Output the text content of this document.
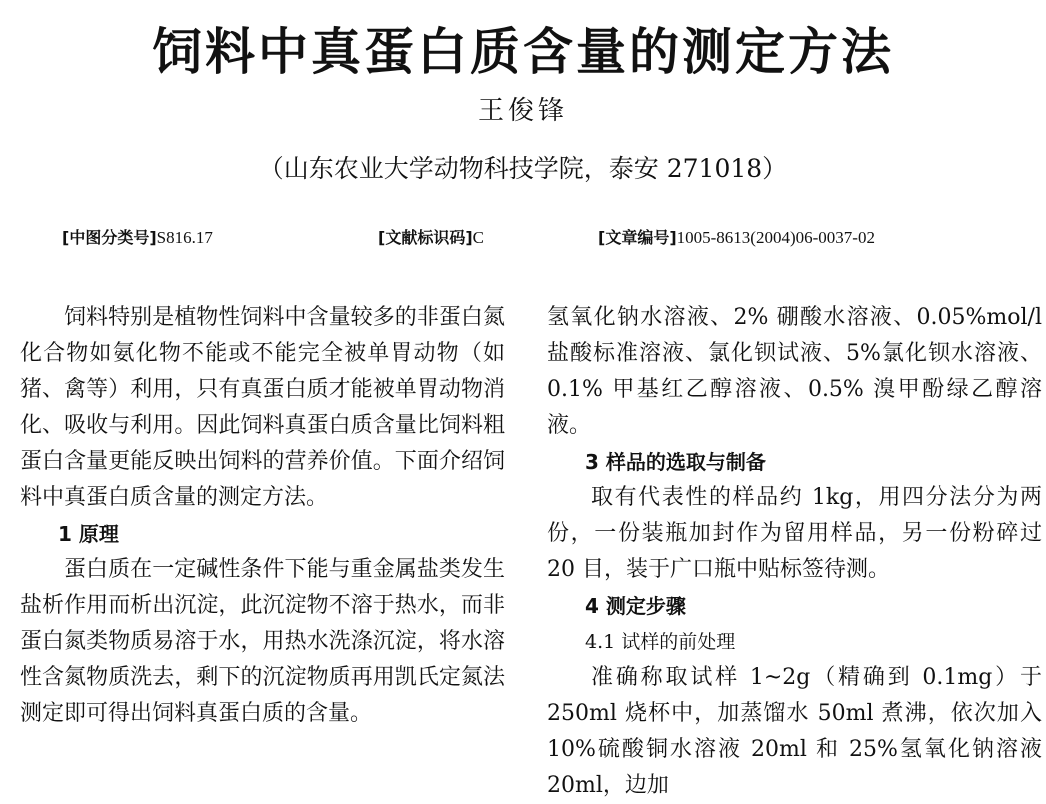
饲料中真蛋白质含量的测定方法
王俊锋
（山东农业大学动物科技学院，泰安 271018）
[中图分类号]S816.17	[文献标识码]C	[文章编号]1005-8613(2004)06-0037-02

饲料特别是植物性饲料中含量较多的非蛋白氮化合物如氨化物不能或不能完全被单胃动物（如猪、禽等）利用，只有真蛋白质才能被单胃动物消化、吸收与利用。因此饲料真蛋白质含量比饲料粗蛋白含量更能反映出饲料的营养价值。下面介绍饲料中真蛋白质含量的测定方法。

1 原理

蛋白质在一定碱性条件下能与重金属盐类发生盐析作用而析出沉淀，此沉淀物不溶于热水，而非蛋白氮类物质易溶于水，用热水洗涤沉淀，将水溶性含氮物质洗去，剩下的沉淀物质再用凯氏定氮法测定即可得出饲料真蛋白质的含量。

氢氧化钠水溶液、2% 硼酸水溶液、0.05%mol/l 盐酸标准溶液、氯化钡试液、5%氯化钡水溶液、0.1% 甲基红乙醇溶液、0.5% 溴甲酚绿乙醇溶液。

3 样品的选取与制备

取有代表性的样品约 1kg，用四分法分为两份，一份装瓶加封作为留用样品，另一份粉碎过 20 目，装于广口瓶中贴标签待测。

4 测定步骤

4.1 试样的前处理

准确称取试样 1~2g（精确到 0.1mg）于 250ml 烧杯中，加蒸馏水 50ml 煮沸，依次加入 10%硫酸铜水溶液 20ml 和 25%氢氧化钠溶液 20ml，边加
